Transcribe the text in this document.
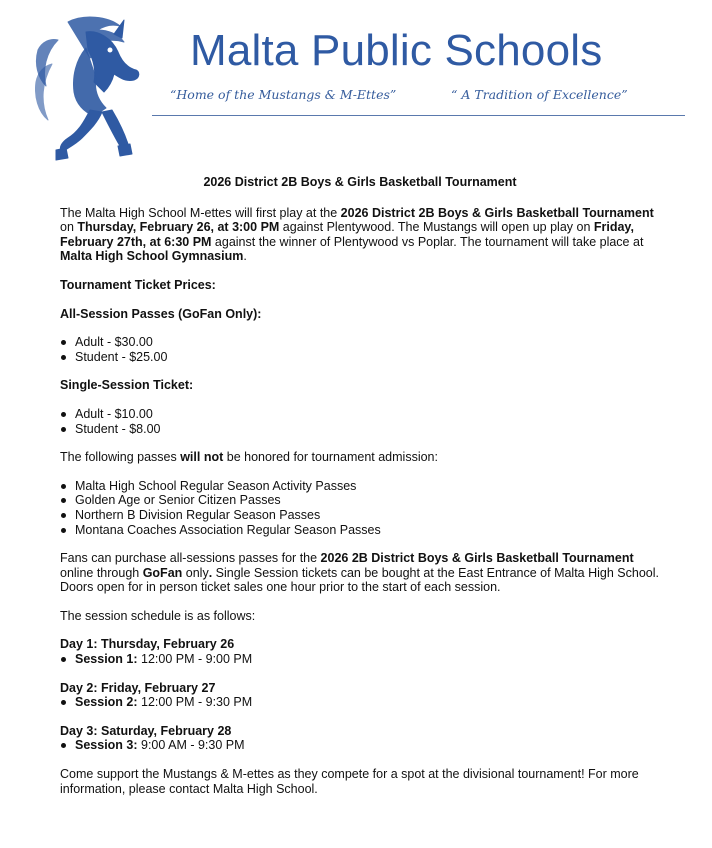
Malta Public Schools
“Home of the Mustangs & M-Ettes”	“ A Tradition of Excellence”
2026 District 2B Boys & Girls Basketball Tournament

The Malta High School M-ettes will first play at the 2026 District 2B Boys & Girls Basketball Tournament on Thursday, February 26, at 3:00 PM against Plentywood. The Mustangs will open up play on Friday, February 27th, at 6:30 PM against the winner of Plentywood vs Poplar. The tournament will take place at Malta High School Gymnasium.

Tournament Ticket Prices:

All-Session Passes (GoFan Only):

Adult - $30.00
Student - $25.00

Single-Session Ticket:

Adult - $10.00
Student - $8.00

The following passes will not be honored for tournament admission:

Malta High School Regular Season Activity Passes
Golden Age or Senior Citizen Passes
Northern B Division Regular Season Passes
Montana Coaches Association Regular Season Passes

Fans can purchase all-sessions passes for the 2026 2B District Boys & Girls Basketball Tournament online through GoFan only. Single Session tickets can be bought at the East Entrance of Malta High School. Doors open for in person ticket sales one hour prior to the start of each session.

The session schedule is as follows:

Day 1: Thursday, February 26
Session 1: 12:00 PM - 9:00 PM
Day 2: Friday, February 27
Session 2: 12:00 PM - 9:30 PM
Day 3: Saturday, February 28
Session 3: 9:00 AM - 9:30 PM

Come support the Mustangs & M-ettes as they compete for a spot at the divisional tournament! For more information, please contact Malta High School.
